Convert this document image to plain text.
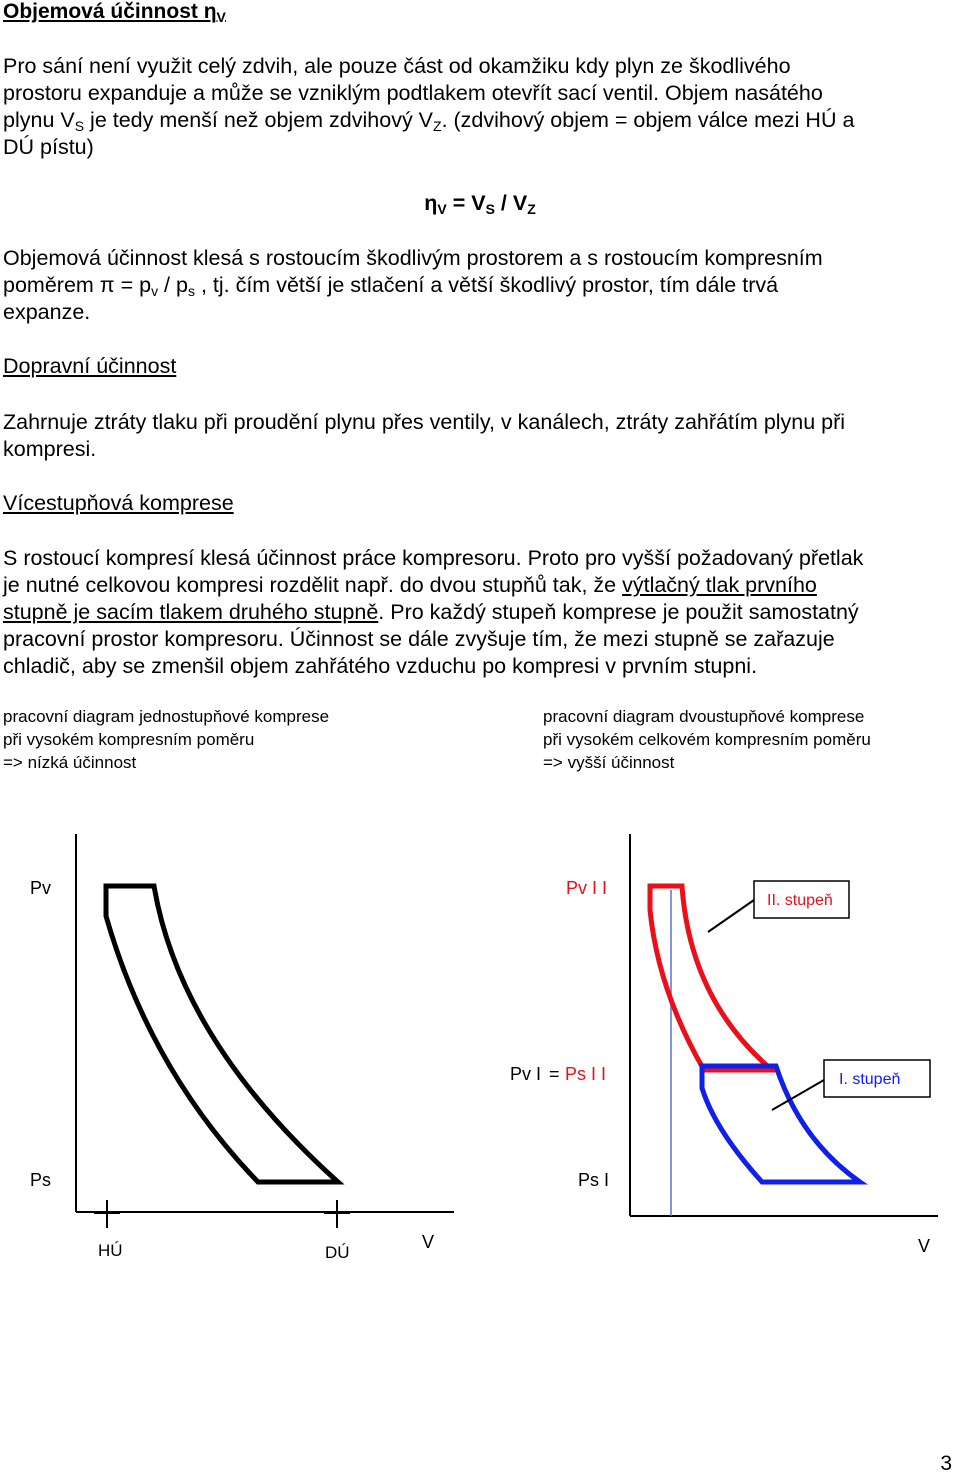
Objemová účinnost $\eta_V$
Pro sání není využit celý zdvih, ale pouze část od okamžiku kdy plyn ze škodlivého
prostoru expanduje a může se vzniklým podtlakem otevřít sací ventil. Objem nasátého
plynu $V_S$ je tedy menší než objem zdvihový $V_Z$. (zdvihový objem = objem válce mezi HÚ a
DÚ pístu)
$\eta_V = V_S / V_Z$
Objemová účinnost klesá s rostoucím škodlivým prostorem a s rostoucím kompresním
poměrem $\pi = p_v / p_s$ , tj. čím větší je stlačení a větší škodlivý prostor, tím dále trvá
expanze.
Dopravní účinnost
Zahrnuje ztráty tlaku při proudění plynu přes ventily, v kanálech, ztráty zahřátím plynu při
kompresi.
Vícestupňová komprese
S rostoucí kompresí klesá účinnost práce kompresoru. Proto pro vyšší požadovaný přetlak
je nutné celkovou kompresi rozdělit např. do dvou stupňů tak, že výtlačný tlak prvního
stupně je sacím tlakem druhého stupně. Pro každý stupeň komprese je použit samostatný
pracovní prostor kompresoru. Účinnost se dále zvyšuje tím, že mezi stupně se zařazuje
chladič, aby se zmenšil objem zahřátého vzduchu po kompresi v prvním stupni.
pracovní diagram jednostupňové komprese
při vysokém kompresním poměru
=> nízká účinnost
pracovní diagram dvoustupňové komprese
při vysokém celkovém kompresním poměru
=> vyšší účinnost
Pv
Ps
HÚ	DÚ
V
Pv I I
Pv I = Ps I I
Ps I
V
II. stupeň
I. stupeň
3
